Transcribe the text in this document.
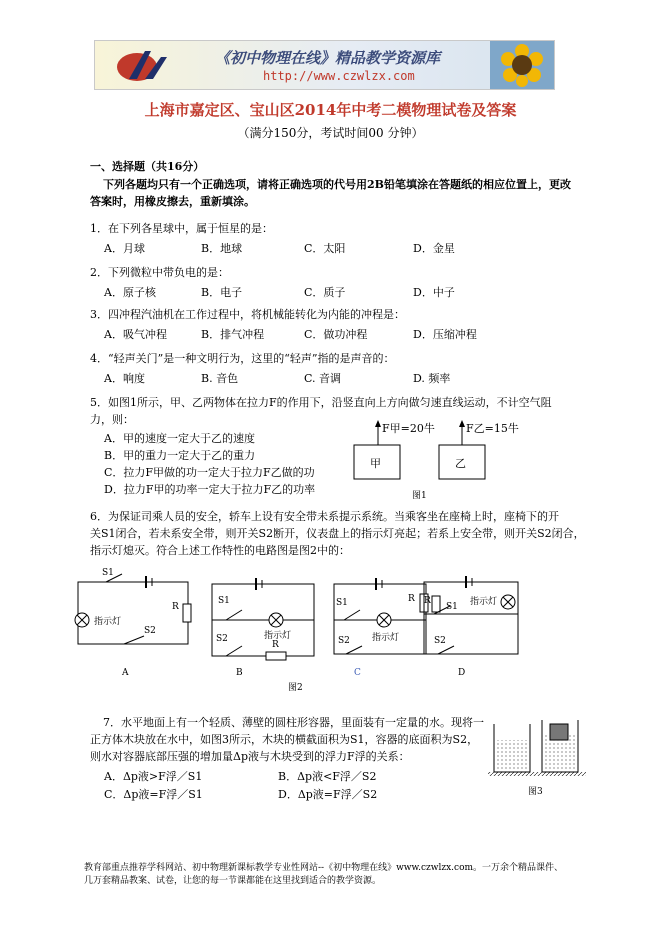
《初中物理在线》精品教学资源库
http://www.czwlzx.com
上海市嘉定区、宝山区2014年中考二模物理试卷及答案
（满分150分，考试时间00 分钟）
一、选择题（共16分）
下列各题均只有一个正确选项，请将正确选项的代号用2B铅笔填涂在答题纸的相应位置上，更改
答案时，用橡皮擦去，重新填涂。
1．在下列各星球中，属于恒星的是：
A．月球	B．地球	C．太阳	D．金星
2．下列微粒中带负电的是：
A．原子核	B．电子	C．质子	D．中子
3．四冲程汽油机在工作过程中，将机械能转化为内能的冲程是：
A．吸气冲程	B．排气冲程	C．做功冲程	D．压缩冲程
4．“轻声关门”是一种文明行为，这里的“轻声”指的是声音的：
A．响度	B. 音色	C. 音调	D. 频率
5．如图1所示，甲、乙两物体在拉力F的作用下，沿竖直向上方向做匀速直线运动，不计空气阻
力，则：
A．甲的速度一定大于乙的速度
B．甲的重力一定大于乙的重力
C．拉力F甲做的功一定大于拉力F乙做的功
D．拉力F甲的功率一定大于拉力F乙的功率
F甲=20牛	F乙=15牛
甲	乙
图1
6．为保证司乘人员的安全，轿车上设有安全带未系提示系统。当乘客坐在座椅上时，座椅下的开
关S1闭合，若未系安全带，则开关S2断开，仪表盘上的指示灯亮起；若系上安全带，则开关S2闭合，
指示灯熄灭。符合上述工作特性的电路图是图2中的：
S1
指示灯
R
S2
A
S1
指示灯
S2
R
B
S1
指示灯
R
S2
C
R	指示灯
S1
S2
D
图2
7．水平地面上有一个轻质、薄壁的圆柱形容器，里面装有一定量的水。现将一
正方体木块放在水中，如图3所示，木块的横截面积为S1，容器的底面积为S2，
则水对容器底部压强的增加量Δp液与木块受到的浮力F浮的关系：
A．Δp液>F浮／S1	B．Δp液<F浮／S2
C．Δp液=F浮／S1	D．Δp液=F浮／S2	图3
教育部重点推荐学科网站、初中物理新课标教学专业性网站--《初中物理在线》www.czwlzx.com。一万余个精品课件、
几万套精品教案、试卷，让您的每一节课都能在这里找到适合的教学资源。
